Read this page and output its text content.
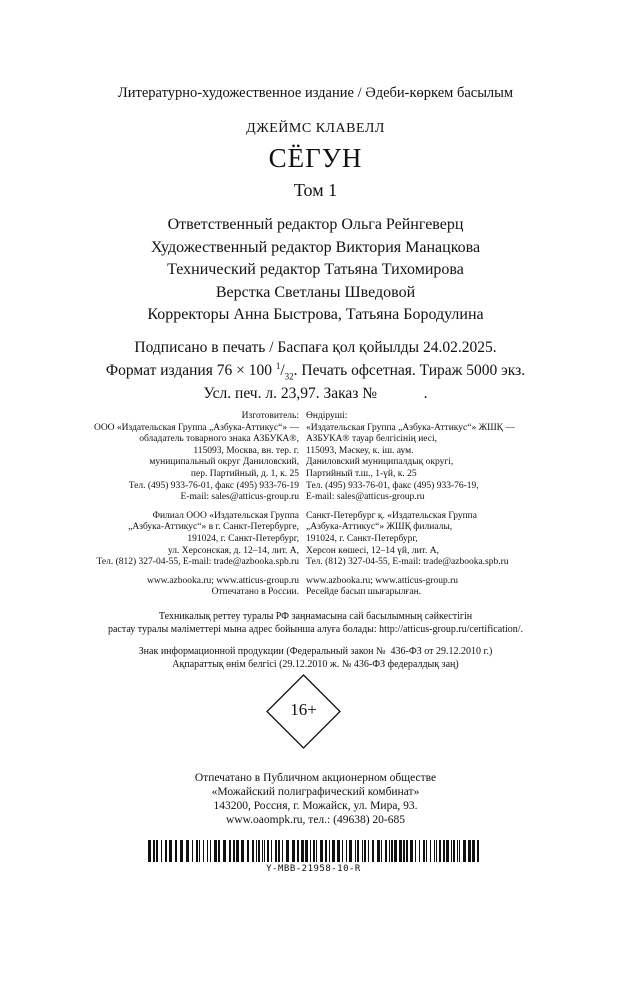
Литературно-художественное издание / Әдеби-көркем басылым
ДЖЕЙМС КЛАВЕЛЛ
СЁГУН
Том 1
Ответственный редактор Ольга Рейнгеверц
Художественный редактор Виктория Манацкова
Технический редактор Татьяна Тихомирова
Верстка Светланы Шведовой
Корректоры Анна Быстрова, Татьяна Бородулина
Подписано в печать / Баспаға қол қойылды 24.02.2025.
Формат издания 76 × 100 $^1/_{32}$. Печать офсетная. Тираж 5000 экз.
Усл. печ. л. 23,97. Заказ №            .
Изготовитель:
ООО «Издательская Группа „Азбука-Аттикус“» —
обладатель товарного знака АЗБУКА®,
115093, Москва, вн. тер. г.
муниципальный округ Даниловский,
пер. Партийный, д. 1, к. 25
Тел. (495) 933-76-01, факс (495) 933-76-19
E-mail: sales@atticus-group.ru
Филиал ООО «Издательская Группа
„Азбука-Аттикус“» в г. Санкт-Петербурге,
191024, г. Санкт-Петербург,
ул. Херсонская, д. 12–14, лит. А,
Тел. (812) 327-04-55, E-mail: trade@azbooka.spb.ru
www.azbooka.ru; www.atticus-group.ru
Отпечатано в России.
Өндіруші:
«Издательская Группа „Азбука-Аттикус“» ЖШҚ —
АЗБУКА® тауар белгісінің иесі,
115093, Мәскеу, к. іш. аум.
Даниловский муниципалдық округі,
Партийный т.ш., 1-үй, к. 25
Тел. (495) 933-76-01, факс (495) 933-76-19,
E-mail: sales@atticus-group.ru
Санкт-Петербург қ. «Издательская Группа
„Азбука-Аттикус“» ЖШҚ филиалы,
191024, г. Санкт-Петербург,
Херсон көшесі, 12–14 үй, лит. А,
Тел. (812) 327-04-55, E-mail: trade@azbooka.spb.ru
www.azbooka.ru; www.atticus-group.ru
Ресейде басып шығарылған.
Техникалық реттеу туралы РФ заңнамасына сай басылымның сәйкестігін
растау туралы мәліметтері мына адрес бойынша алуға болады: http://atticus-group.ru/certification/.
Знак информационной продукции (Федеральный закон №  436-ФЗ от 29.12.2010 г.)
Ақпараттық өнім белгісі (29.12.2010 ж. № 436-ФЗ федералдық заң)
16+
Отпечатано в Публичном акционерном обществе
«Можайский полиграфический комбинат»
143200, Россия, г. Можайск, ул. Мира, 93.
www.oaompk.ru, тел.: (49638) 20-685
Y-MBB-21958-10-R
